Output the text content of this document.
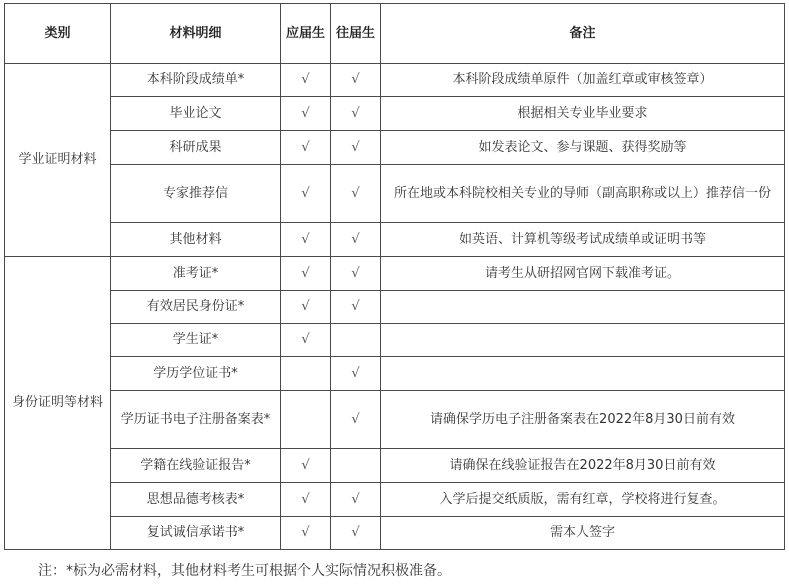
类别	材料明细	应届生	往届生	备注
学业证明材料	本科阶段成绩单*	√	√	本科阶段成绩单原件（加盖红章或审核签章）
	毕业论文	√	√	根据相关专业毕业要求
	科研成果	√	√	如发表论文、参与课题、获得奖励等
	专家推荐信	√	√	所在地或本科院校相关专业的导师（副高职称或以上）推荐信一份
	其他材料	√	√	如英语、计算机等级考试成绩单或证明书等
身份证明等材料	准考证*	√	√	请考生从研招网官网下载准考证。
	有效居民身份证*	√	√	
	学生证*	√		
	学历学位证书*		√	
	学历证书电子注册备案表*		√	请确保学历电子注册备案表在2022年8月30日前有效
	学籍在线验证报告*	√		请确保在线验证报告在2022年8月30日前有效
	思想品德考核表*	√	√	入学后提交纸质版，需有红章，学校将进行复查。
	复试诚信承诺书*	√	√	需本人签字
注：*标为必需材料，其他材料考生可根据个人实际情况积极准备。
